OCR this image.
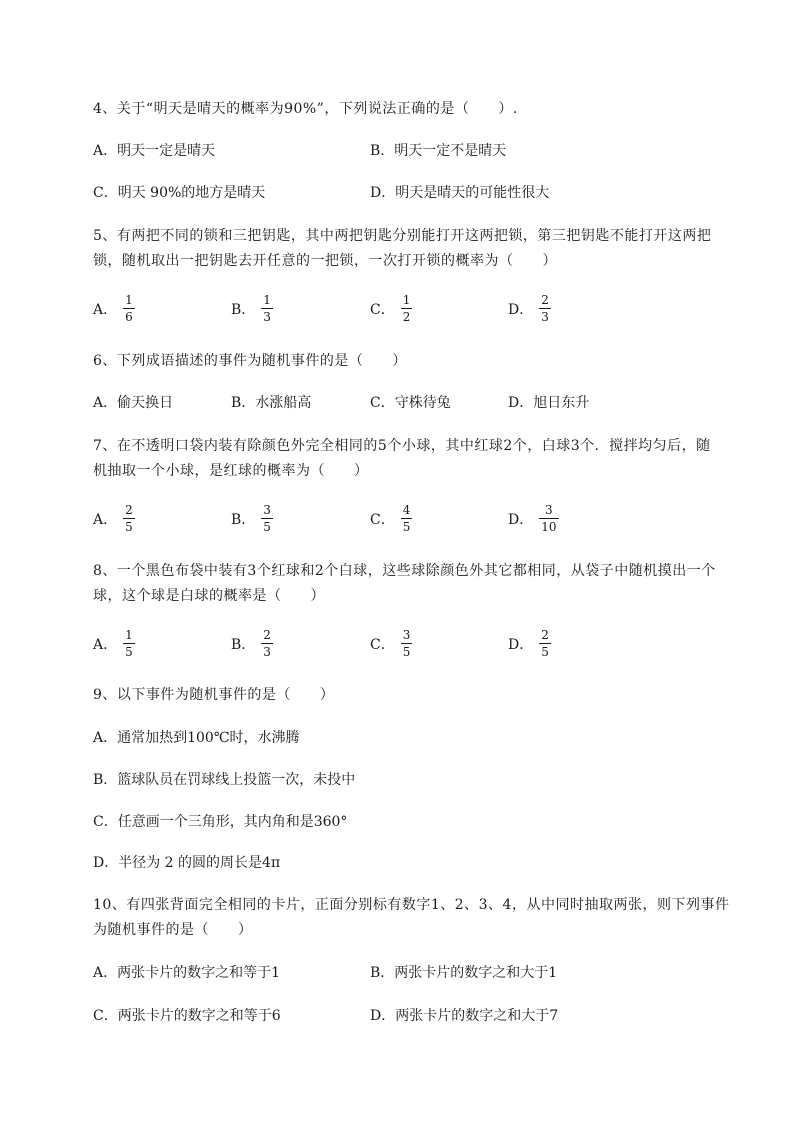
4、关于“明天是晴天的概率为90%”，下列说法正确的是（　　）.
A．明天一定是晴天	B．明天一定不是晴天
C．明天 90%的地方是晴天	D．明天是晴天的可能性很大
5、有两把不同的锁和三把钥匙，其中两把钥匙分别能打开这两把锁，第三把钥匙不能打开这两把
锁，随机取出一把钥匙去开任意的一把锁，一次打开锁的概率为（　　）
A． $\frac{1}{6}$	B． $\frac{1}{3}$	C． $\frac{1}{2}$	D． $\frac{2}{3}$
6、下列成语描述的事件为随机事件的是（　　）
A．偷天换日	B．水涨船高	C．守株待兔	D．旭日东升
7、在不透明口袋内装有除颜色外完全相同的5个小球，其中红球2个，白球3个．搅拌均匀后，随
机抽取一个小球，是红球的概率为（　　）
A． $\frac{2}{5}$	B． $\frac{3}{5}$	C． $\frac{4}{5}$	D． $\frac{3}{10}$
8、一个黑色布袋中装有3个红球和2个白球，这些球除颜色外其它都相同，从袋子中随机摸出一个
球，这个球是白球的概率是（　　）
A． $\frac{1}{5}$	B． $\frac{2}{3}$	C． $\frac{3}{5}$	D． $\frac{2}{5}$
9、以下事件为随机事件的是（　　）
A．通常加热到100℃时，水沸腾
B．篮球队员在罚球线上投篮一次，未投中
C．任意画一个三角形，其内角和是360°
D．半径为 2 的圆的周长是4π
10、有四张背面完全相同的卡片，正面分别标有数字1、2、3、4，从中同时抽取两张，则下列事件
为随机事件的是（　　）
A．两张卡片的数字之和等于1	B．两张卡片的数字之和大于1
C．两张卡片的数字之和等于6	D．两张卡片的数字之和大于7
